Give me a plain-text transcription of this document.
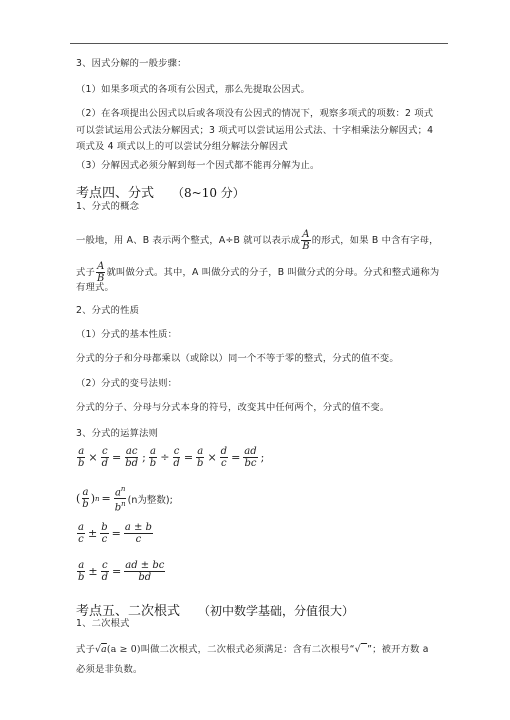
3、因式分解的一般步骤：
（1）如果多项式的各项有公因式，那么先提取公因式。
（2）在各项提出公因式以后或各项没有公因式的情况下，观察多项式的项数：2 项式
可以尝试运用公式法分解因式；3 项式可以尝试运用公式法、十字相乘法分解因式；4
项式及 4 项式以上的可以尝试分组分解法分解因式
（3）分解因式必须分解到每一个因式都不能再分解为止。
考点四、分式 （8~10 分）
1、分式的概念
一般地，用 A、B 表示两个整式，A÷B 就可以表示成 $\frac{A}{B}$ 的形式，如果 B 中含有字母，
式子 $\frac{A}{B}$ 就叫做分式。其中，A 叫做分式的分子，B 叫做分式的分母。分式和整式通称为
有理式。
2、分式的性质
（1）分式的基本性质：
分式的分子和分母都乘以（或除以）同一个不等于零的整式，分式的值不变。
（2）分式的变号法则：
分式的分子、分母与分式本身的符号，改变其中任何两个，分式的值不变。
3、分式的运算法则
$\frac{a}{b} \times \frac{c}{d} = \frac{ac}{bd}$ ; $\frac{a}{b} \div \frac{c}{d} = \frac{a}{b} \times \frac{d}{c} = \frac{ad}{bc}$ ;
( $\frac{a}{b}$ ) $n = \frac{a^n}{b^n} (n$为整数);
$\frac{a}{c} \pm \frac{b}{c} = \frac{a \pm b}{c}$
$\frac{a}{b} \pm \frac{c}{d} = \frac{ad \pm bc}{bd}$
考点五、二次根式 （初中数学基础，分值很大）
1、二次根式
式子 √a(a ≥ 0) 叫做二次根式，二次根式必须满足：含有二次根号“ √ ”；被开方数 a
必须是非负数。
